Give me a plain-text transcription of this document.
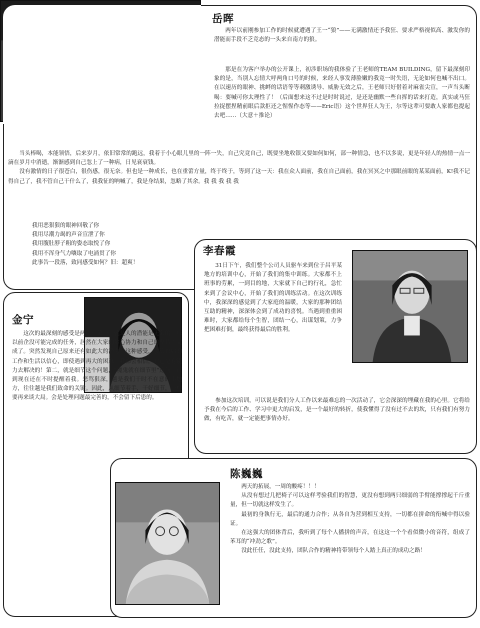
岳晖

两年以前刚参加工作的时候就遭遇了王一“狼”——无满激情还予我狂、要求严格视似高、激发你的潜能而手段不乏竞态的一头来自南方的狼。

那是在为客户举办的公开课上，初涉职场的我体验了王老师的TEAM BUILDING，留下最深刻印象的是，当别人忘情大呼两角口号的时候，来经人事发薄脸嫩的我竟一时失语，无论如何也喊不出口。在以速历的眼神、挑衅的话语等等刺激诱导、威胁无效之后，王老师只好借着对麻雀尖宣，一声当头断喝：要喊可你太理性了！（后面想来这不过是时时说过，是还是幽默一些自挥的话来打造，真实或马狂拉捉摆捏精前眼后款拒还之惺惺作态等——Eric语）这个世界狂人为王，尔等这辈可要敢人家都也提起去吧……（大意＋推论）

当头棒喝，本能领悟，后来岁月，依旧常常的跑远，我着于小心眼儿里的一阵一失，自己究竟自己，既要坐地收银又要如何如何，部一种情急，也不以多说，更是年轻人的热情一点一滴在岁月中消逝，渐渐感到自己忽上了一种病，日见衰衰钱。

没有激情的日子很苍白，很伤感，很无奈。但也是一种成长，也在重蕾方量，终于终于，等到了这一天：我在众人面前，我在自己面前，我在冥冥之中那眼前眼的某某面前，K!我不记得自己了，我不管自己干什么了，我我征的呐喊了，我是身结果，忽略了其余。我 我 我 我 我

我用恶狠狠的眼神回敬了你
我用尽潮力竭的声音宣泄了你
我用腹肚脖子粗的姿态取悦了你
我用不浑身气力嚷取了电涌贯了你
此事告一段落，致同感受如何？旧：超爽！
李春霞

31日下午，我们整个公司人员驱车来到位于昌平某地方的培训中心，开始了我们的集中训练。大家都不上班事的劳累，一到目的地，大家就下自己的行礼，急忙来到了会议中心，开始了我们的训练活动。在这次训练中，我深深的感觉到了大家庭的温暖，大家的那种团结互助的精神，深深体会到了成功的喜悦。当遇到重重困难时，大家都给每个生智，团结一心，出谋划策，力争把困难打倒，最终获得最后的胜利。

参加这次培训，可以说是我们分人工作以来最难忘的一次活动了，它会深深的埋藏在我的心里。它将给予我在今后的工作、学习中更大的启发，是一个最好的转折，使我懂得了没有过不去的坎，只有我们有努力做，有吃苦，就一定能把事情办好。

金宁

这次的最深刻的感受是两点：第一，就是人的潜能是无限的，每以前企没可能完成的任务，居然在大家的尔心协力和自己的坚持下完成了。突然发现自己原来还有如此大的潜力！这种感受，会给以后的工作和生活以信心，即使遇到再大的困难，我都会相信，自己是有能力去解决的！第二，就是细节这个问题，“魔鬼就在细节里”这句，直到现在还在不时提醒着我。恶骂狠深，越是我们干时不在意的小地方，往往越是我们致命的关键。因此，从细节着手，干好细节，一样要再来谈大局。会是处理问题最完善的，不会留下后患的。

陈巍巍

两天的拓展，一周的酸疼！！！

从没有想过几把椅子可以这样考验我们的智慧，更没有想到两只细弱的手臂能撑撑起千斤重量，但一切就这样发生了。

最初的身執行无，最后的通力合作；从各自为营到相互支持，一切都在拼命的衔喊中得以验证。

在这强大的团体背后，我听到了每个人播拼的声音，在这这一个个看似微小的音符，组成了苯耳的“冲劲之歌”。

没此任任，没此支持，团队合作的精神将带领每个人踏上真正的成功之路！
